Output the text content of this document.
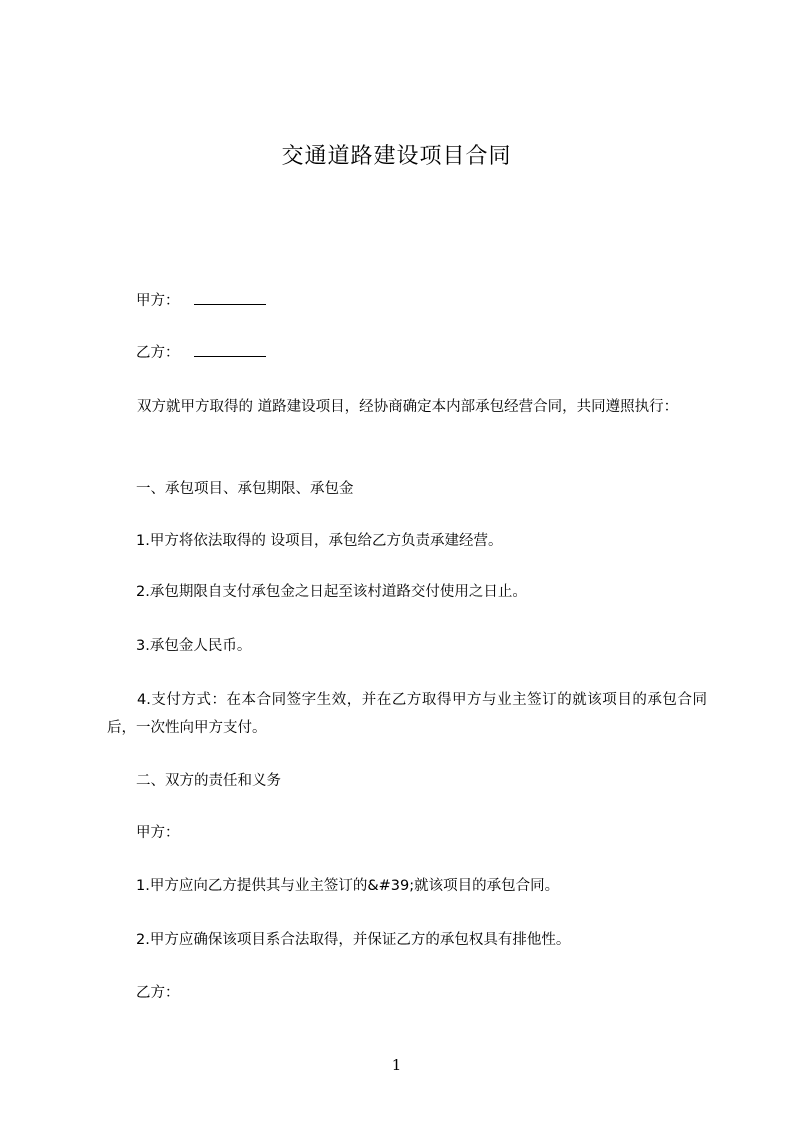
交通道路建设项目合同
甲方：
乙方：
双方就甲方取得的 道路建设项目，经协商确定本内部承包经营合同，共同遵照执行：
一、承包项目、承包期限、承包金
1.甲方将依法取得的 设项目，承包给乙方负责承建经营。
2.承包期限自支付承包金之日起至该村道路交付使用之日止。
3.承包金人民币。
4.支付方式：在本合同签字生效，并在乙方取得甲方与业主签订的就该项目的承包合同后，一次性向甲方支付。
二、双方的责任和义务
甲方：
1.甲方应向乙方提供其与业主签订的&#39;就该项目的承包合同。
2.甲方应确保该项目系合法取得，并保证乙方的承包权具有排他性。
乙方：
1
